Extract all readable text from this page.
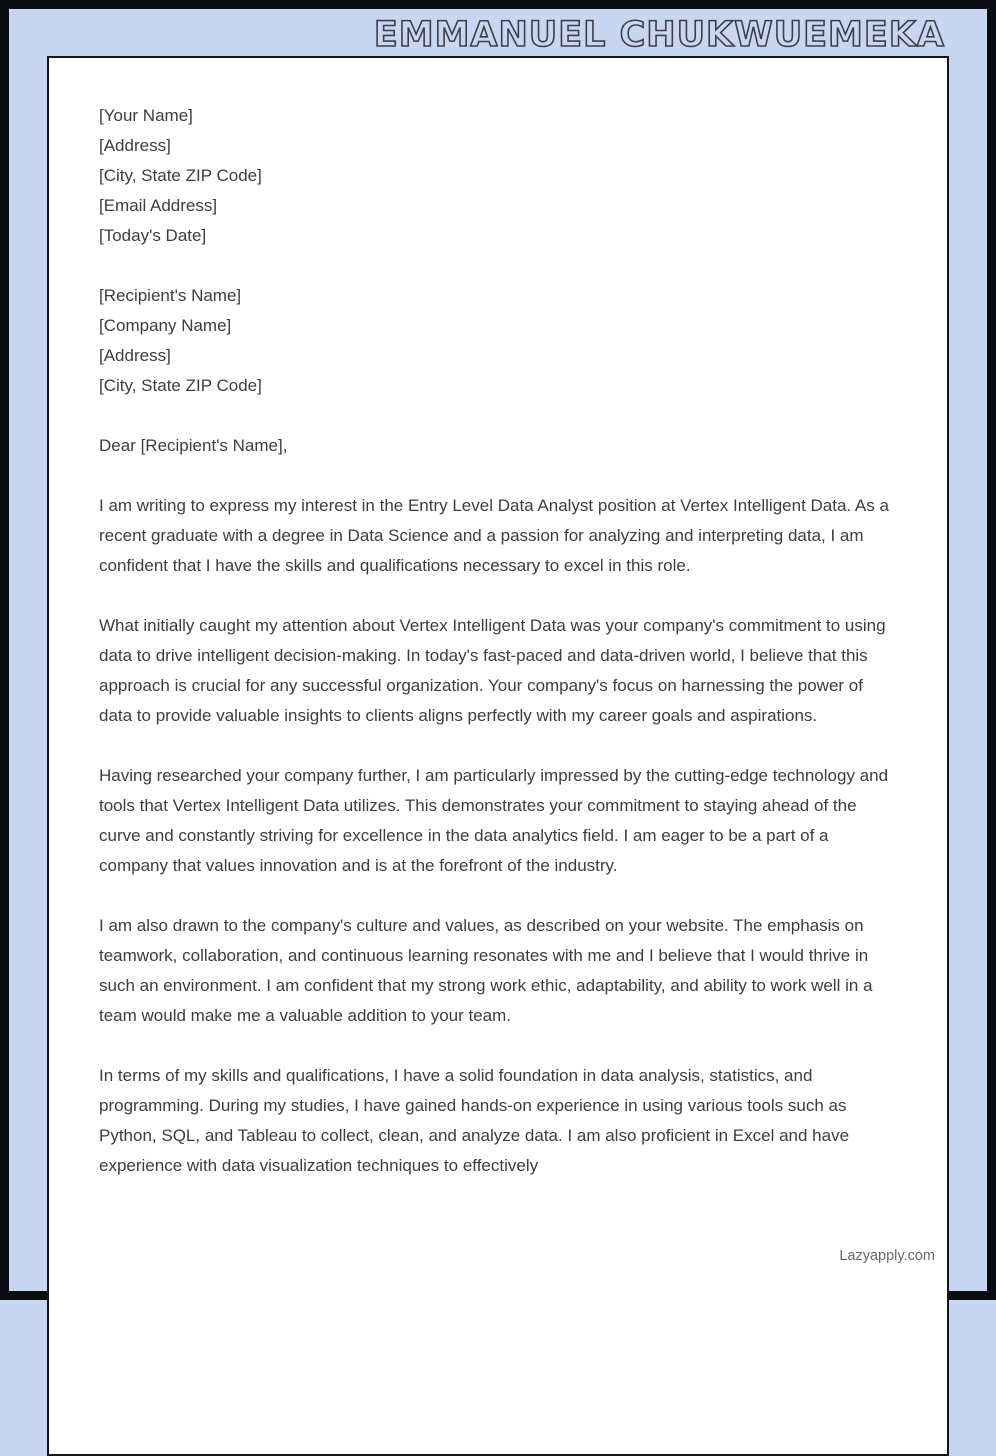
EMMANUEL CHUKWUEMEKA
[Your Name]
[Address]
[City, State ZIP Code]
[Email Address]
[Today's Date]
[Recipient's Name]
[Company Name]
[Address]
[City, State ZIP Code]

Dear [Recipient's Name],

I am writing to express my interest in the Entry Level Data Analyst position at Vertex Intelligent Data. As a recent graduate with a degree in Data Science and a passion for analyzing and interpreting data, I am confident that I have the skills and qualifications necessary to excel in this role.

What initially caught my attention about Vertex Intelligent Data was your company's commitment to using data to drive intelligent decision-making. In today's fast-paced and data-driven world, I believe that this approach is crucial for any successful organization. Your company's focus on harnessing the power of data to provide valuable insights to clients aligns perfectly with my career goals and aspirations.

Having researched your company further, I am particularly impressed by the cutting-edge technology and tools that Vertex Intelligent Data utilizes. This demonstrates your commitment to staying ahead of the curve and constantly striving for excellence in the data analytics field. I am eager to be a part of a company that values innovation and is at the forefront of the industry.

I am also drawn to the company's culture and values, as described on your website. The emphasis on teamwork, collaboration, and continuous learning resonates with me and I believe that I would thrive in such an environment. I am confident that my strong work ethic, adaptability, and ability to work well in a team would make me a valuable addition to your team.

In terms of my skills and qualifications, I have a solid foundation in data analysis, statistics, and programming. During my studies, I have gained hands-on experience in using various tools such as Python, SQL, and Tableau to collect, clean, and analyze data. I am also proficient in Excel and have experience with data visualization techniques to effectively

Lazyapply.com
